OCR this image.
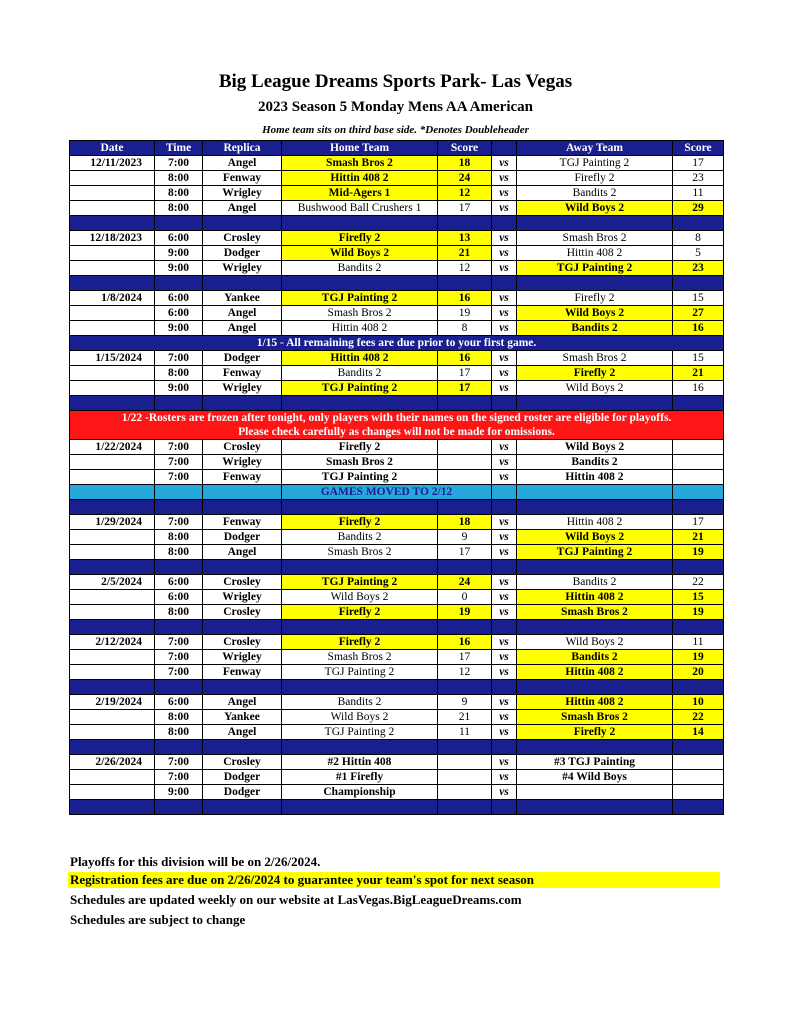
Big League Dreams Sports Park- Las Vegas
2023 Season 5 Monday Mens AA American
Home team sits on third base side. *Denotes Doubleheader
Date	Time	Replica	Home Team	Score		Away Team	Score
12/11/2023	7:00	Angel	Smash Bros 2	18	vs	TGJ Painting 2	17
	8:00	Fenway	Hittin 408 2	24	vs	Firefly 2	23
	8:00	Wrigley	Mid-Agers 1	12	vs	Bandits 2	11
	8:00	Angel	Bushwood Ball Crushers 1	17	vs	Wild Boys 2	29

12/18/2023	6:00	Crosley	Firefly 2	13	vs	Smash Bros 2	8
	9:00	Dodger	Wild Boys 2	21	vs	Hittin 408 2	5
	9:00	Wrigley	Bandits 2	12	vs	TGJ Painting 2	23

1/8/2024	6:00	Yankee	TGJ Painting 2	16	vs	Firefly 2	15
	6:00	Angel	Smash Bros 2	19	vs	Wild Boys 2	27
	9:00	Angel	Hittin 408 2	8	vs	Bandits 2	16
1/15 - All remaining fees are due prior to your first game.							
1/15/2024	7:00	Dodger	Hittin 408 2	16	vs	Smash Bros 2	15
	8:00	Fenway	Bandits 2	17	vs	Firefly 2	21
	9:00	Wrigley	TGJ Painting 2	17	vs	Wild Boys 2	16

1/22 -Rosters are frozen after tonight, only players with their names on the signed roster are eligible for playoffs.
Please check carefully as changes will not be made for omissions.							

1/22/2024	7:00	Crosley	Firefly 2		vs	Wild Boys 2	
	7:00	Wrigley	Smash Bros 2		vs	Bandits 2	
	7:00	Fenway	TGJ Painting 2		vs	Hittin 408 2	
			GAMES MOVED TO 2/12				

1/29/2024	7:00	Fenway	Firefly 2	18	vs	Hittin 408 2	17
	8:00	Dodger	Bandits 2	9	vs	Wild Boys 2	21
	8:00	Angel	Smash Bros 2	17	vs	TGJ Painting 2	19

2/5/2024	6:00	Crosley	TGJ Painting 2	24	vs	Bandits 2	22
	6:00	Wrigley	Wild Boys 2	0	vs	Hittin 408 2	15
	8:00	Crosley	Firefly 2	19	vs	Smash Bros 2	19

2/12/2024	7:00	Crosley	Firefly 2	16	vs	Wild Boys 2	11
	7:00	Wrigley	Smash Bros 2	17	vs	Bandits 2	19
	7:00	Fenway	TGJ Painting 2	12	vs	Hittin 408 2	20

2/19/2024	6:00	Angel	Bandits 2	9	vs	Hittin 408 2	10
	8:00	Yankee	Wild Boys 2	21	vs	Smash Bros 2	22
	8:00	Angel	TGJ Painting 2	11	vs	Firefly 2	14

2/26/2024	7:00	Crosley	#2 Hittin 408		vs	#3 TGJ Painting	
	7:00	Dodger	#1 Firefly		vs	#4 Wild Boys	
	9:00	Dodger	Championship		vs		

Playoffs for this division will be on 2/26/2024.
Registration fees are due on 2/26/2024 to guarantee your team's spot for next season
Schedules are updated weekly on our website at LasVegas.BigLeagueDreams.com
Schedules are subject to change
